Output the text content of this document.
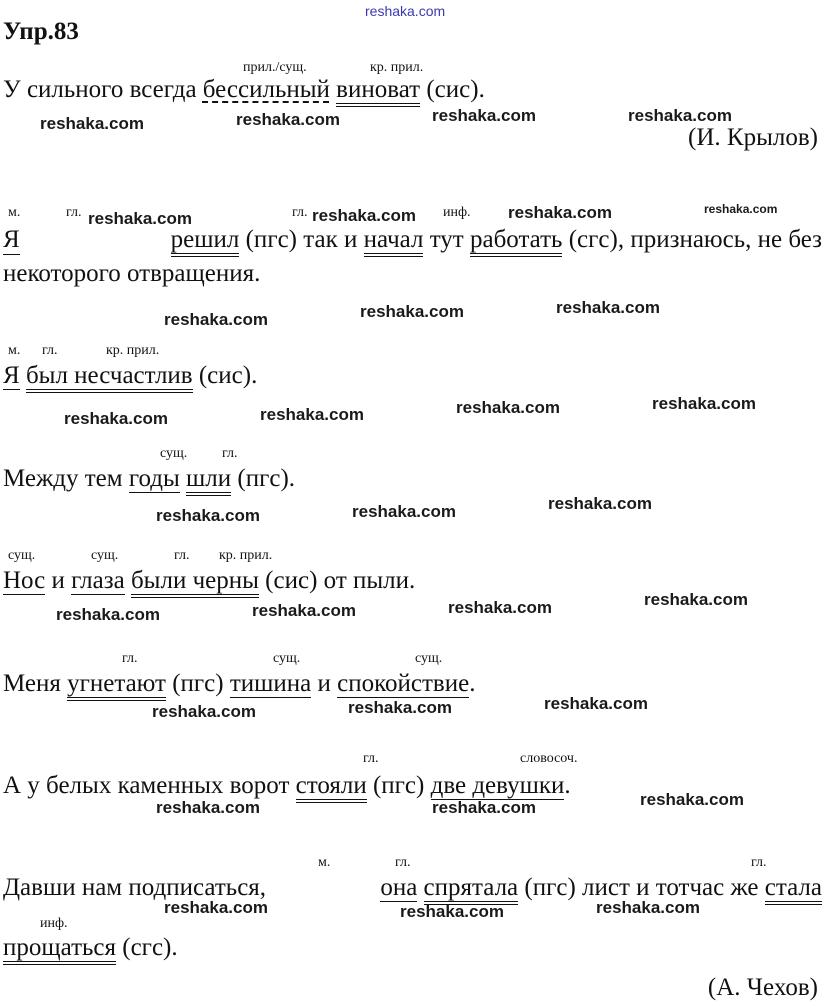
reshaka.com
Упр.83
прил./сущ.	кр. прил.
У сильного всегда бессильный виноват (сис).
(И. Крылов)
м.	гл.	гл.	инф.
Я	решил (пгс) так и начал тут работать (сгс), признаюсь, не без
некоторого отвращения.
м. гл.	кр. прил.
Я был несчастлив (сис).
сущ. гл.
Между тем годы шли (пгс).
сущ.	сущ.	гл. кр. прил.
Нос и глаза были черны (сис) от пыли.
гл.	сущ.	сущ.
Меня угнетают (пгс) тишина и спокойствие.
гл.	словосоч.
А у белых каменных ворот стояли (пгс) две девушки.
м.	гл.	гл.
инф.
Давши нам подписаться,	она спрятала (пгс) лист и тотчас же стала
прощаться (сгс).
(А. Чехов)
reshaka.com	reshaka.com	reshaka.com	reshaka.com
reshaka.com	reshaka.com	reshaka.com	reshaka.com
reshaka.com	reshaka.com	reshaka.com
reshaka.com	reshaka.com	reshaka.com	reshaka.com
reshaka.com	reshaka.com	reshaka.com
reshaka.com	reshaka.com	reshaka.com	reshaka.com
reshaka.com	reshaka.com	reshaka.com
reshaka.com	reshaka.com	reshaka.com
reshaka.com	reshaka.com	reshaka.com
